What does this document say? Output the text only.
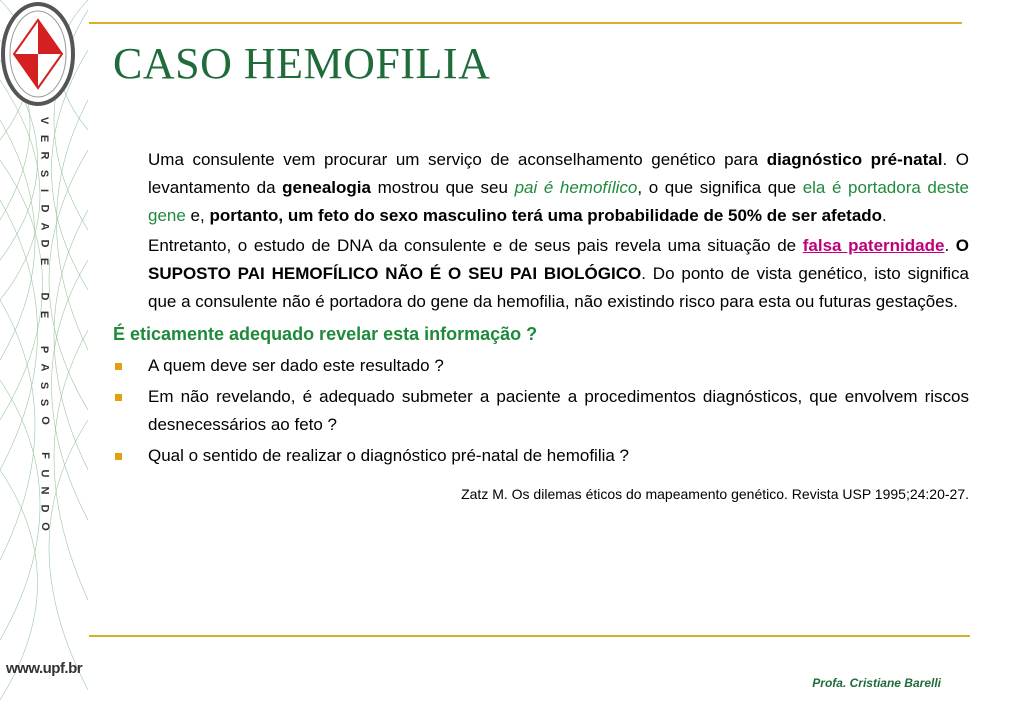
V
E
R
S
I
D
A
D
E
D
E
P
A
S
S
O
F
U
N
D
O
www.upf.br
CASO HEMOFILIA

Uma consulente vem procurar um serviço de aconselhamento genético para diagnóstico pré-natal. O levantamento da genealogia mostrou que seu pai é hemofílico, o que significa que ela é portadora deste gene e, portanto, um feto do sexo masculino terá uma probabilidade de 50% de ser afetado.

Entretanto, o estudo de DNA da consulente e de seus pais revela uma situação de falsa paternidade. O SUPOSTO PAI HEMOFÍLICO NÃO É O SEU PAI BIOLÓGICO. Do ponto de vista genético, isto significa que a consulente não é portadora do gene da hemofilia, não existindo risco para esta ou futuras gestações.

É eticamente adequado revelar esta informação ?
A quem deve ser dado este resultado ?
Em não revelando, é adequado submeter a paciente a procedimentos diagnósticos, que envolvem riscos desnecessários ao feto ?
Qual o sentido de realizar o diagnóstico pré-natal de hemofilia ?
Zatz M. Os dilemas éticos do mapeamento genético. Revista USP 1995;24:20-27.
Profa. Cristiane Barelli
